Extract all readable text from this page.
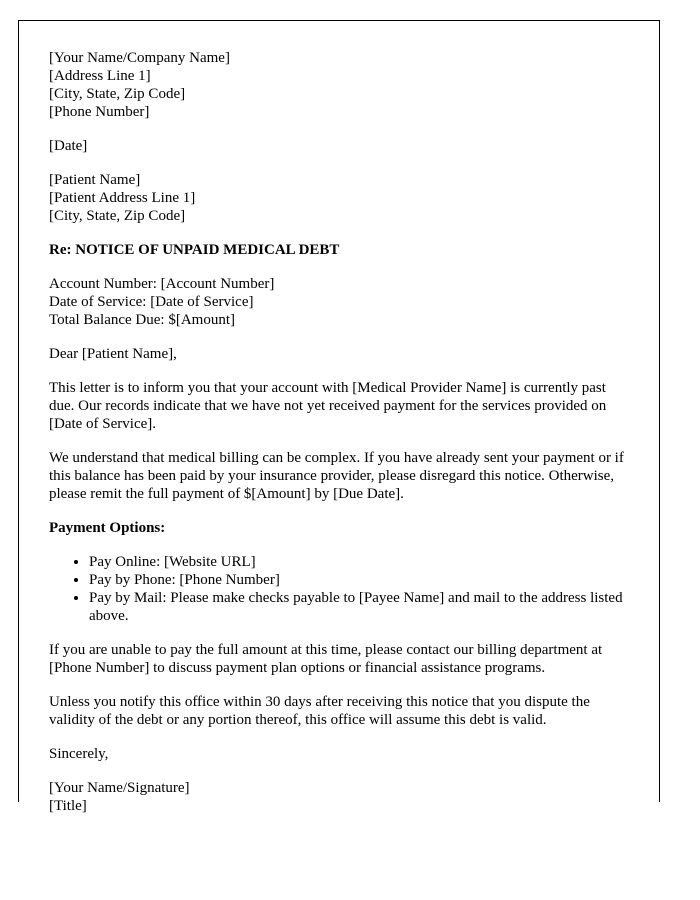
[Your Name/Company Name]
[Address Line 1]
[City, State, Zip Code]
[Phone Number]
[Date]
[Patient Name]
[Patient Address Line 1]
[City, State, Zip Code]
Re: NOTICE OF UNPAID MEDICAL DEBT
Account Number: [Account Number]
Date of Service: [Date of Service]
Total Balance Due: $[Amount]
Dear [Patient Name],

This letter is to inform you that your account with [Medical Provider Name] is currently past due. Our records indicate that we have not yet received payment for the services provided on [Date of Service].

We understand that medical billing can be complex. If you have already sent your payment or if this balance has been paid by your insurance provider, please disregard this notice. Otherwise, please remit the full payment of $[Amount] by [Due Date].

Payment Options:
• Pay Online: [Website URL]
• Pay by Phone: [Phone Number]
• Pay by Mail: Please make checks payable to [Payee Name] and mail to the address listed above.

If you are unable to pay the full amount at this time, please contact our billing department at [Phone Number] to discuss payment plan options or financial assistance programs.

Unless you notify this office within 30 days after receiving this notice that you dispute the validity of the debt or any portion thereof, this office will assume this debt is valid.

Sincerely,
[Your Name/Signature]
[Title]
